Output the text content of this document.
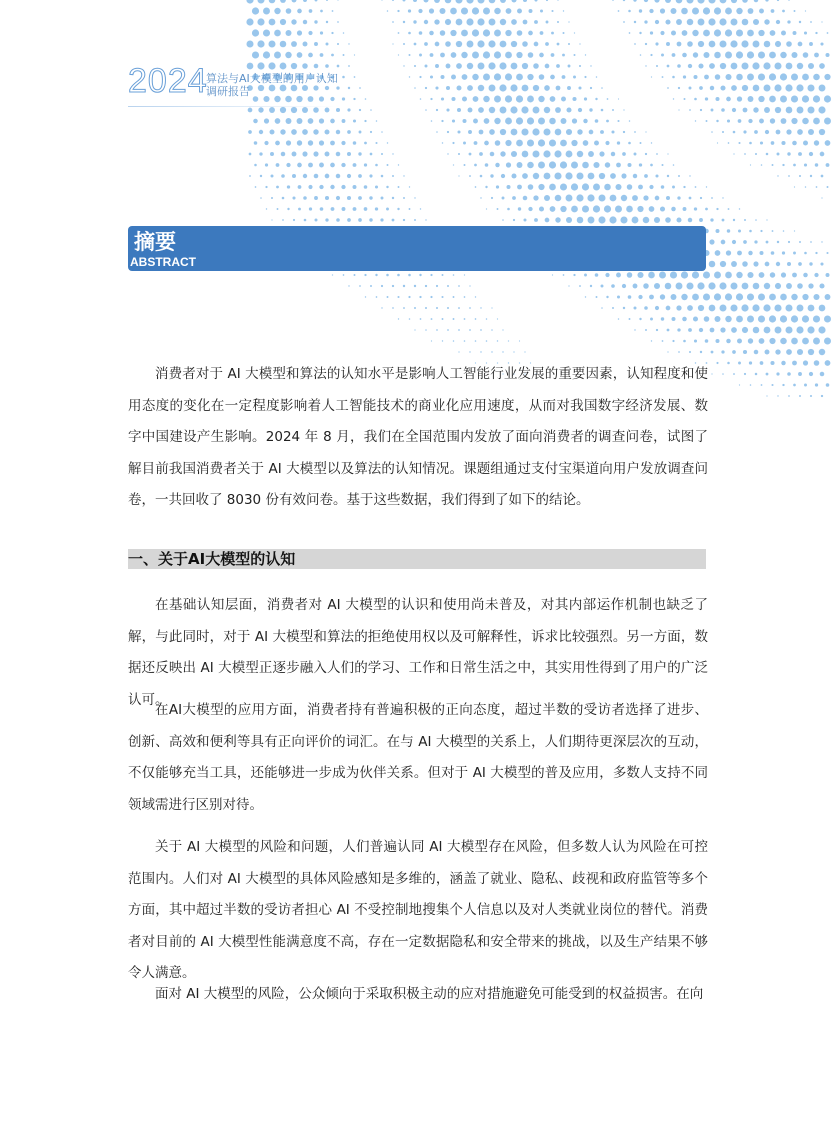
2024
算法与AI大模型的用户认知
调研报告
摘要
ABSTRACT

消费者对于 AI 大模型和算法的认知水平是影响人工智能行业发展的重要因素，认知程度和使用态度的变化在一定程度影响着人工智能技术的商业化应用速度，从而对我国数字经济发展、数字中国建设产生影响。2024 年 8 月，我们在全国范围内发放了面向消费者的调查问卷，试图了解目前我国消费者关于 AI 大模型以及算法的认知情况。课题组通过支付宝渠道向用户发放调查问卷，一共回收了 8030 份有效问卷。基于这些数据，我们得到了如下的结论。

一、关于AI大模型的认知

在基础认知层面，消费者对 AI 大模型的认识和使用尚未普及，对其内部运作机制也缺乏了解，与此同时，对于 AI 大模型和算法的拒绝使用权以及可解释性，诉求比较强烈。另一方面，数据还反映出 AI 大模型正逐步融入人们的学习、工作和日常生活之中，其实用性得到了用户的广泛认可。

在AI大模型的应用方面，消费者持有普遍积极的正向态度，超过半数的受访者选择了进步、创新、高效和便利等具有正向评价的词汇。在与 AI 大模型的关系上，人们期待更深层次的互动，不仅能够充当工具，还能够进一步成为伙伴关系。但对于 AI 大模型的普及应用，多数人支持不同领域需进行区别对待。

关于 AI 大模型的风险和问题，人们普遍认同 AI 大模型存在风险，但多数人认为风险在可控范围内。人们对 AI 大模型的具体风险感知是多维的，涵盖了就业、隐私、歧视和政府监管等多个方面，其中超过半数的受访者担心 AI 不受控制地搜集个人信息以及对人类就业岗位的替代。消费者对目前的 AI 大模型性能满意度不高，存在一定数据隐私和安全带来的挑战，以及生产结果不够令人满意。

面对 AI 大模型的风险，公众倾向于采取积极主动的应对措施避免可能受到的权益损害。在向
